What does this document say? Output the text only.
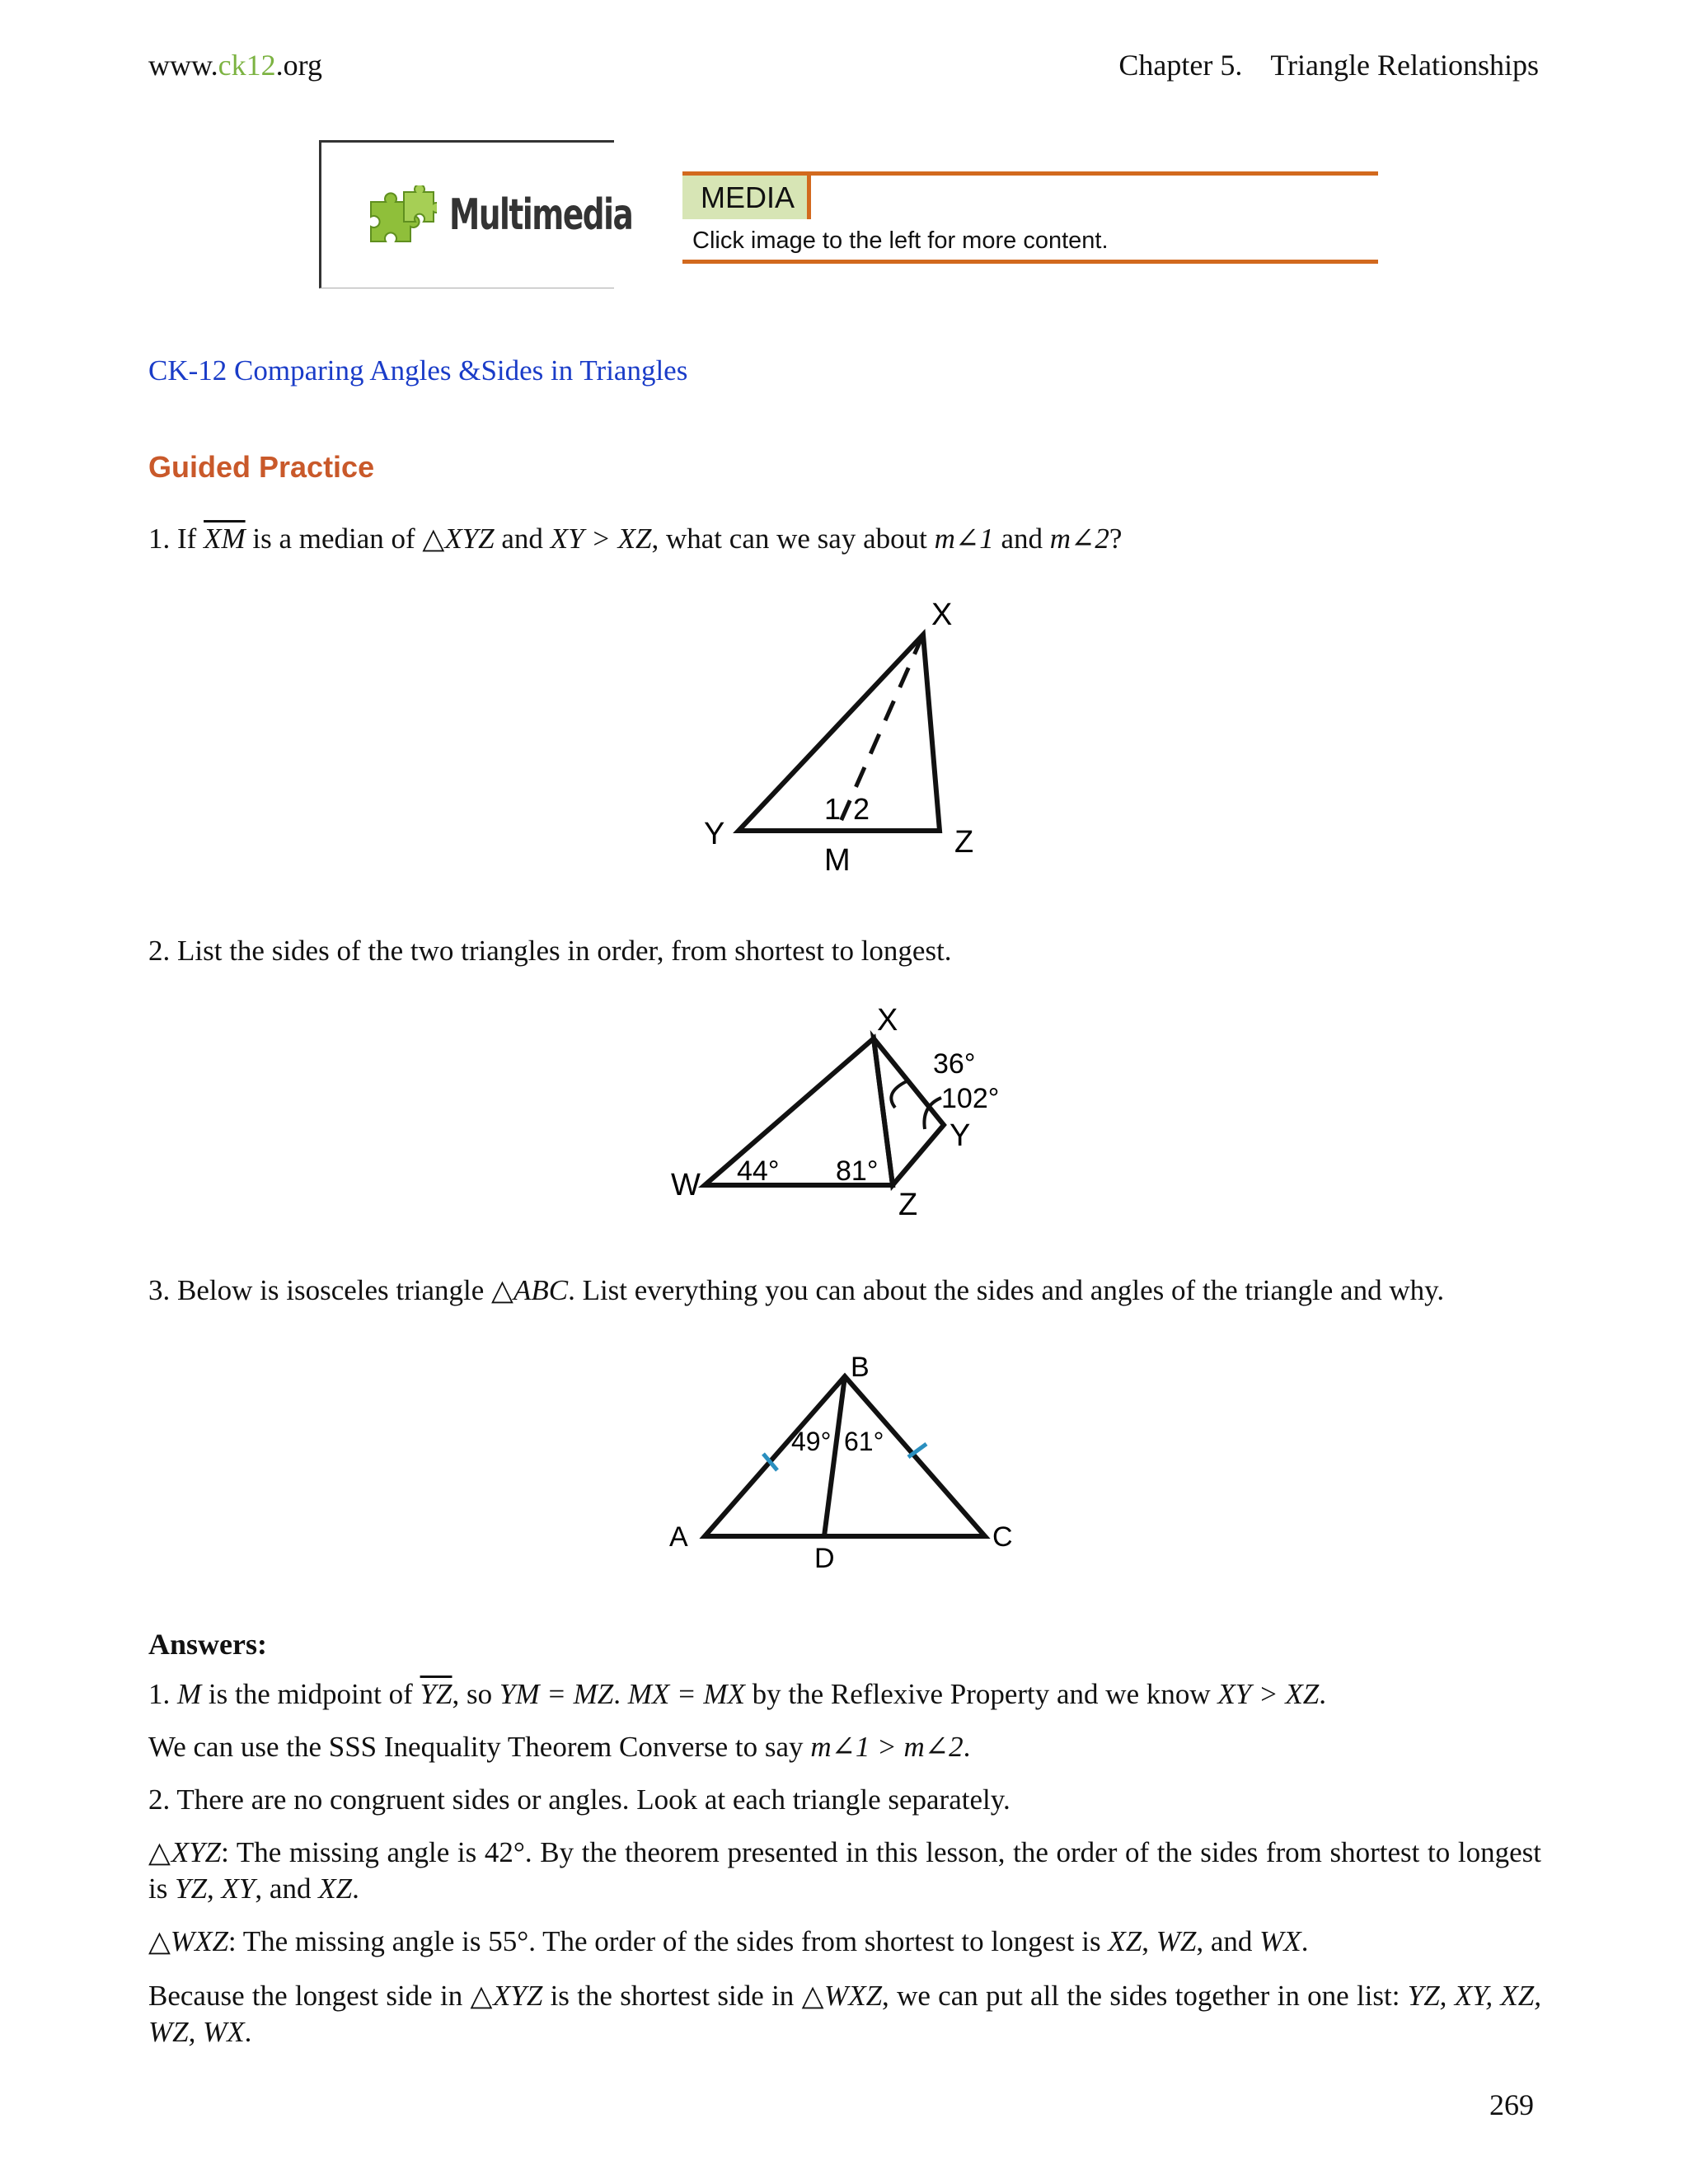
www.ck12.org	Chapter 5. Triangle Relationships
Multimedia	MEDIA
Click image to the left for more content.
CK-12 Comparing Angles &Sides in Triangles
Guided Practice
1. If $\overline{XM}$ is a median of △XYZ and XY > XZ, what can we say about m∠1 and m∠2?
X
Y	Z
M
1 2
2. List the sides of the two triangles in order, from shortest to longest.
X
36°
102°
Y
W 44° 81°
Z
3. Below is isosceles triangle △ABC. List everything you can about the sides and angles of the triangle and why.
B
49° 61°
A	C
D
Answers:
1. M is the midpoint of $\overline{YZ}$, so YM = MZ. MX = MX by the Reflexive Property and we know XY > XZ.
We can use the SSS Inequality Theorem Converse to say m∠1 > m∠2.
2. There are no congruent sides or angles. Look at each triangle separately.
△XYZ: The missing angle is 42°. By the theorem presented in this lesson, the order of the sides from shortest to longest is YZ, XY, and XZ.
△WXZ: The missing angle is 55°. The order of the sides from shortest to longest is XZ, WZ, and WX.
Because the longest side in △XYZ is the shortest side in △WXZ, we can put all the sides together in one list: YZ, XY, XZ, WZ, WX.
269
